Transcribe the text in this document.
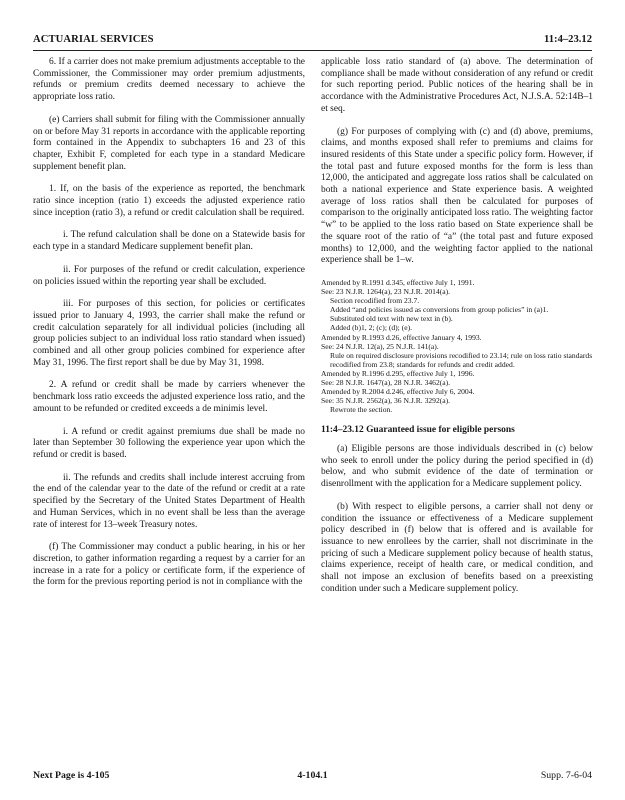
ACTUARIAL SERVICES	11:4–23.12

6. If a carrier does not make premium adjustments acceptable to the Commissioner, the Commissioner may order premium adjustments, refunds or premium credits deemed necessary to achieve the appropriate loss ratio.

(e) Carriers shall submit for filing with the Commissioner annually on or before May 31 reports in accordance with the applicable reporting form contained in the Appendix to subchapters 16 and 23 of this chapter, Exhibit F, completed for each type in a standard Medicare supplement benefit plan.

1. If, on the basis of the experience as reported, the benchmark ratio since inception (ratio 1) exceeds the adjusted experience ratio since inception (ratio 3), a refund or credit calculation shall be required.

i. The refund calculation shall be done on a Statewide basis for each type in a standard Medicare supplement benefit plan.

ii. For purposes of the refund or credit calculation, experience on policies issued within the reporting year shall be excluded.

iii. For purposes of this section, for policies or certificates issued prior to January 4, 1993, the carrier shall make the refund or credit calculation separately for all individual policies (including all group policies subject to an individual loss ratio standard when issued) combined and all other group policies combined for experience after May 31, 1996. The first report shall be due by May 31, 1998.

2. A refund or credit shall be made by carriers whenever the benchmark loss ratio exceeds the adjusted experience loss ratio, and the amount to be refunded or credited exceeds a de minimis level.

i. A refund or credit against premiums due shall be made no later than September 30 following the experience year upon which the refund or credit is based.

ii. The refunds and credits shall include interest accruing from the end of the calendar year to the date of the refund or credit at a rate specified by the Secretary of the United States Department of Health and Human Services, which in no event shall be less than the average rate of interest for 13–week Treasury notes.

(f) The Commissioner may conduct a public hearing, in his or her discretion, to gather information regarding a request by a carrier for an increase in a rate for a policy or certificate form, if the experience of the form for the previous reporting period is not in compliance with the

applicable loss ratio standard of (a) above. The determination of compliance shall be made without consideration of any refund or credit for such reporting period. Public notices of the hearing shall be in accordance with the Administrative Procedures Act, N.J.S.A. 52:14B–1 et seq.

(g) For purposes of complying with (c) and (d) above, premiums, claims, and months exposed shall refer to premiums and claims for insured residents of this State under a specific policy form. However, if the total past and future exposed months for the form is less than 12,000, the anticipated and aggregate loss ratios shall be calculated on both a national experience and State experience basis. A weighted average of loss ratios shall then be calculated for purposes of comparison to the originally anticipated loss ratio. The weighting factor “w” to be applied to the loss ratio based on State experience shall be the square root of the ratio of “a” (the total past and future exposed months) to 12,000, and the weighting factor applied to the national experience shall be 1–w.

Amended by R.1991 d.345, effective July 1, 1991.

See: 23 N.J.R. 1264(a), 23 N.J.R. 2014(a).

Section recodified from 23.7.

Added “and policies issued as conversions from group policies” in (a)1.

Substituted old text with new text in (b).

Added (b)1, 2; (c); (d); (e).

Amended by R.1993 d.26, effective January 4, 1993.

See: 24 N.J.R. 12(a), 25 N.J.R. 141(a).

Rule on required disclosure provisions recodified to 23.14; rule on loss ratio standards recodified from 23.8; standards for refunds and credit added.

Amended by R.1996 d.295, effective July 1, 1996.

See: 28 N.J.R. 1647(a), 28 N.J.R. 3462(a).

Amended by R.2004 d.246, effective July 6, 2004.

See: 35 N.J.R. 2562(a), 36 N.J.R. 3292(a).

Rewrote the section.

11:4–23.12 Guaranteed issue for eligible persons

(a) Eligible persons are those individuals described in (c) below who seek to enroll under the policy during the period specified in (d) below, and who submit evidence of the date of termination or disenrollment with the application for a Medicare supplement policy.

(b) With respect to eligible persons, a carrier shall not deny or condition the issuance or effectiveness of a Medicare supplement policy described in (f) below that is offered and is available for issuance to new enrollees by the carrier, shall not discriminate in the pricing of such a Medicare supplement policy because of health status, claims experience, receipt of health care, or medical condition, and shall not impose an exclusion of benefits based on a preexisting condition under such a Medicare supplement policy.

Next Page is 4-105	4-104.1	Supp. 7-6-04
